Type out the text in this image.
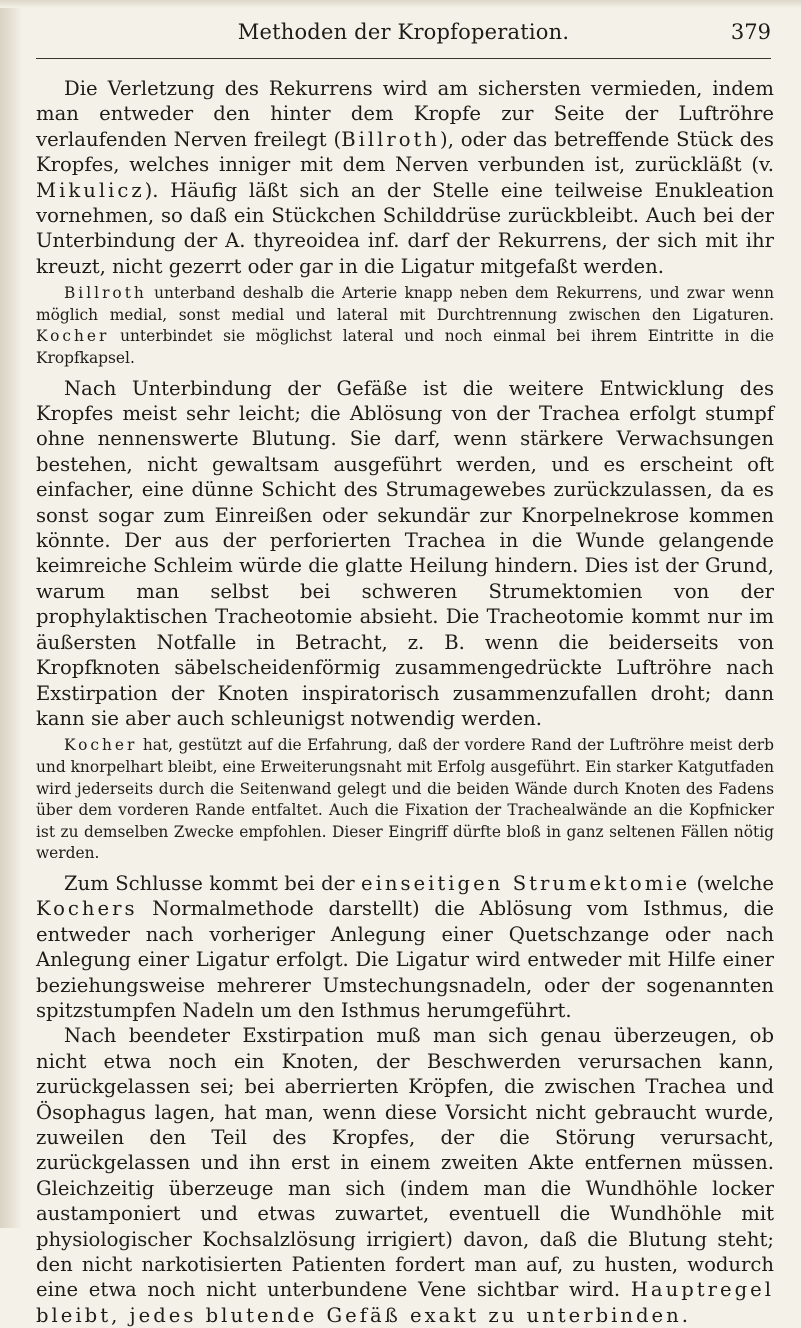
Methoden der Kropfoperation.	379

Die Verletzung des Rekurrens wird am sichersten vermieden, indem man entweder den hinter dem Kropfe zur Seite der Luftröhre verlaufenden Nerven freilegt (Billroth), oder das betreffende Stück des Kropfes, welches inniger mit dem Nerven verbunden ist, zurückläßt (v. Mikulicz). Häufig läßt sich an der Stelle eine teilweise Enukleation vornehmen, so daß ein Stückchen Schilddrüse zurückbleibt. Auch bei der Unterbindung der A. thyreoidea inf. darf der Rekurrens, der sich mit ihr kreuzt, nicht gezerrt oder gar in die Ligatur mitgefaßt werden.

Billroth unterband deshalb die Arterie knapp neben dem Rekurrens, und zwar wenn möglich medial, sonst medial und lateral mit Durchtrennung zwischen den Ligaturen. Kocher unterbindet sie möglichst lateral und noch einmal bei ihrem Eintritte in die Kropfkapsel.

Nach Unterbindung der Gefäße ist die weitere Entwicklung des Kropfes meist sehr leicht; die Ablösung von der Trachea erfolgt stumpf ohne nennenswerte Blutung. Sie darf, wenn stärkere Verwachsungen bestehen, nicht gewaltsam ausgeführt werden, und es erscheint oft einfacher, eine dünne Schicht des Strumagewebes zurückzulassen, da es sonst sogar zum Einreißen oder sekundär zur Knorpelnekrose kommen könnte. Der aus der perforierten Trachea in die Wunde gelangende keimreiche Schleim würde die glatte Heilung hindern. Dies ist der Grund, warum man selbst bei schweren Strumektomien von der prophylaktischen Tracheotomie absieht. Die Tracheotomie kommt nur im äußersten Notfalle in Betracht, z. B. wenn die beiderseits von Kropfknoten säbelscheidenförmig zusammengedrückte Luftröhre nach Exstirpation der Knoten inspiratorisch zusammenzufallen droht; dann kann sie aber auch schleunigst notwendig werden.

Kocher hat, gestützt auf die Erfahrung, daß der vordere Rand der Luftröhre meist derb und knorpelhart bleibt, eine Erweiterungsnaht mit Erfolg ausgeführt. Ein starker Katgutfaden wird jederseits durch die Seitenwand gelegt und die beiden Wände durch Knoten des Fadens über dem vorderen Rande entfaltet. Auch die Fixation der Trachealwände an die Kopfnicker ist zu demselben Zwecke empfohlen. Dieser Eingriff dürfte bloß in ganz seltenen Fällen nötig werden.

Zum Schlusse kommt bei der einseitigen Strumektomie (welche Kochers Normalmethode darstellt) die Ablösung vom Isthmus, die entweder nach vorheriger Anlegung einer Quetschzange oder nach Anlegung einer Ligatur erfolgt. Die Ligatur wird entweder mit Hilfe einer beziehungsweise mehrerer Umstechungsnadeln, oder der sogenannten spitzstumpfen Nadeln um den Isthmus herumgeführt.

Nach beendeter Exstirpation muß man sich genau überzeugen, ob nicht etwa noch ein Knoten, der Beschwerden verursachen kann, zurückgelassen sei; bei aberrierten Kröpfen, die zwischen Trachea und Ösophagus lagen, hat man, wenn diese Vorsicht nicht gebraucht wurde, zuweilen den Teil des Kropfes, der die Störung verursacht, zurückgelassen und ihn erst in einem zweiten Akte entfernen müssen. Gleichzeitig überzeuge man sich (indem man die Wundhöhle locker austamponiert und etwas zuwartet, eventuell die Wundhöhle mit physiologischer Kochsalzlösung irrigiert) davon, daß die Blutung steht; den nicht narkotisierten Patienten fordert man auf, zu husten, wodurch eine etwa noch nicht unterbundene Vene sichtbar wird. Hauptregel bleibt, jedes blutende Gefäß exakt zu unterbinden.
